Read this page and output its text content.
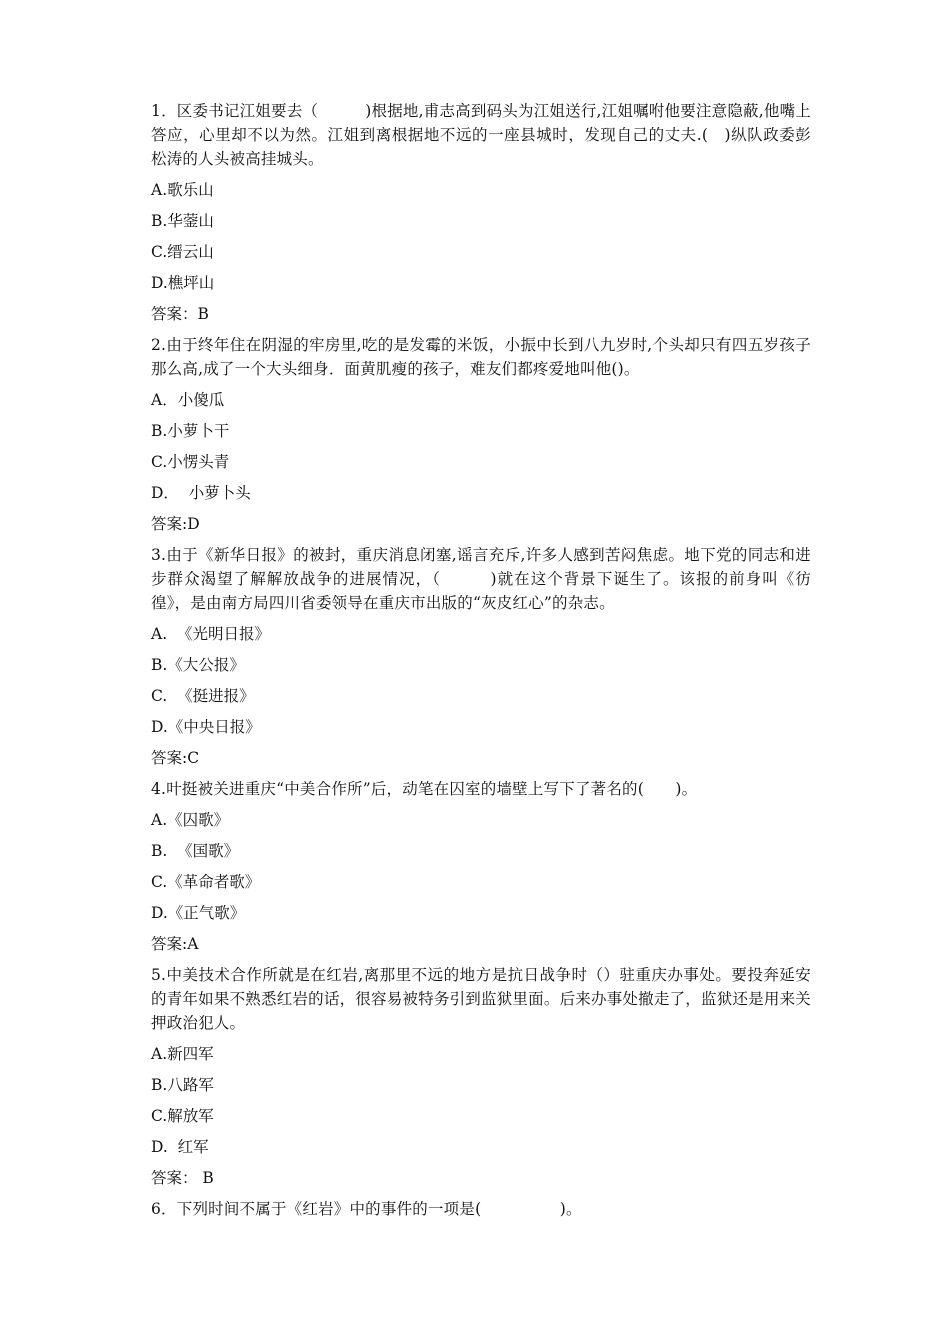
1．区委书记江姐要去（　　　)根据地,甫志高到码头为江姐送行,江姐嘱咐他要注意隐蔽,他嘴上答应，心里却不以为然。江姐到离根据地不远的一座县城时，发现自己的丈夫.(　)纵队政委彭松涛的人头被高挂城头。

A.歌乐山
B.华蓥山
C.缙云山
D.樵坪山
答案：B

2.由于终年住在阴湿的牢房里,吃的是发霉的米饭，小振中长到八九岁时,个头却只有四五岁孩子那么高,成了一个大头细身．面黄肌瘦的孩子，难友们都疼爱地叫他()。

A．小傻瓜
B.小萝卜干
C.小愣头青
D．  小萝卜头
答案:D

3.由于《新华日报》的被封，重庆消息闭塞,谣言充斥,许多人感到苦闷焦虑。地下党的同志和进步群众渴望了解解放战争的进展情况，（　　　)就在这个背景下诞生了。该报的前身叫《彷徨》，是由南方局四川省委领导在重庆市出版的“灰皮红心”的杂志。

A.  《光明日报》
B.《大公报》
C.  《挺进报》
D.《中央日报》
答案:C

4.叶挺被关进重庆“中美合作所”后，动笔在囚室的墙壁上写下了著名的(　　)。

A.《囚歌》
B.  《国歌》
C.《革命者歌》
D.《正气歌》
答案:A

5.中美技术合作所就是在红岩,离那里不远的地方是抗日战争时（）驻重庆办事处。要投奔延安的青年如果不熟悉红岩的话，很容易被特务引到监狱里面。后来办事处撤走了，监狱还是用来关押政治犯人。

A.新四军
B.八路军
C.解放军
D.  红军
答案： B

6．下列时间不属于《红岩》中的事件的一项是(　　　　　)。
